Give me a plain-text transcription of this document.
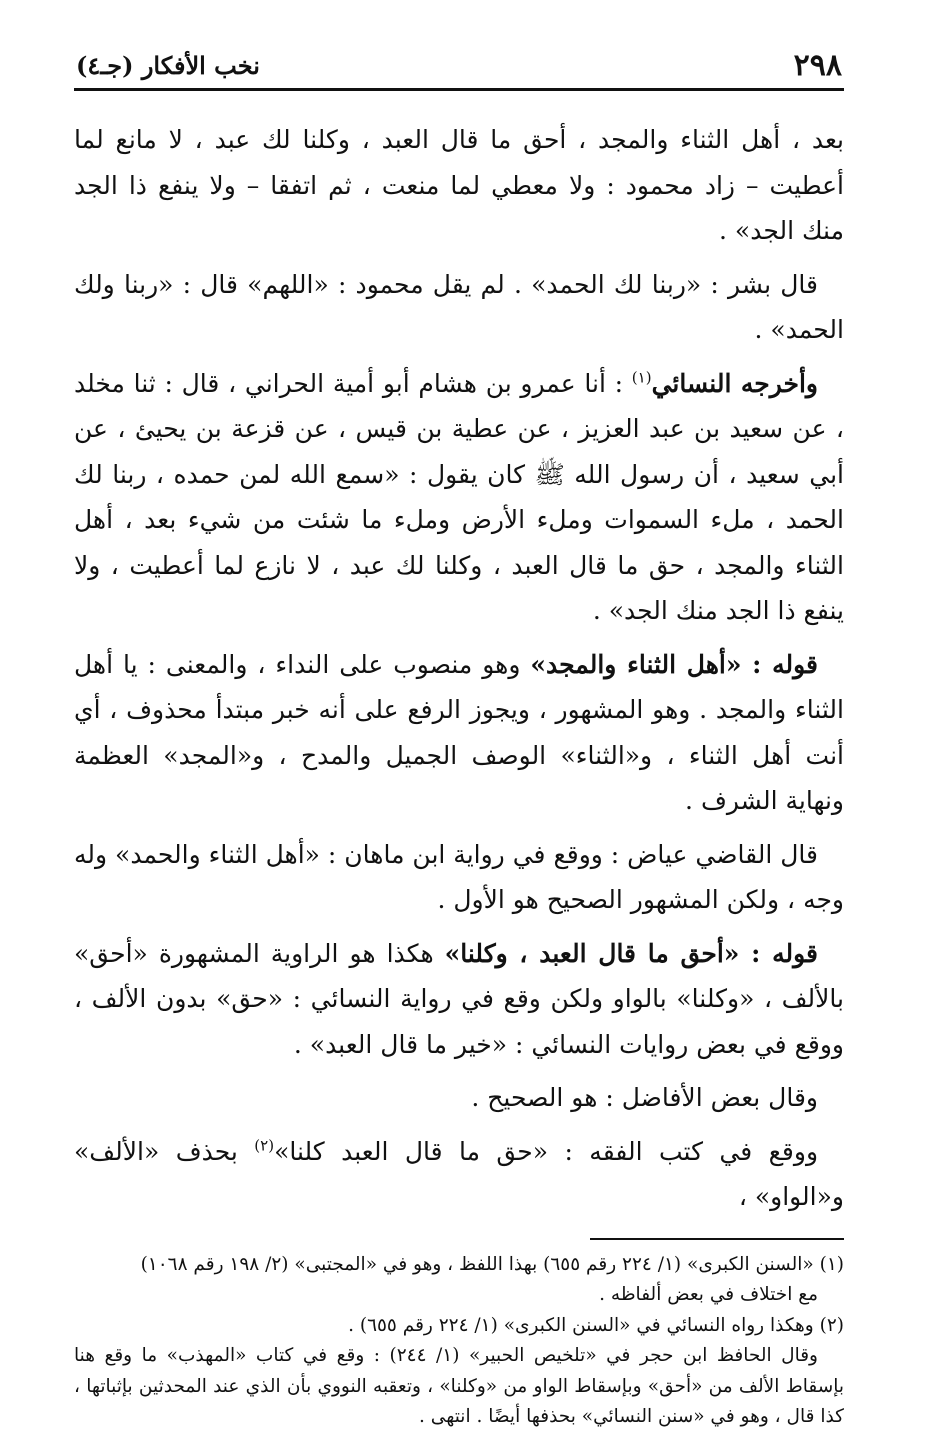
٢٩٨
نخب الأفكار (جـ٤)

بعد ، أهل الثناء والمجد ، أحق ما قال العبد ، وكلنا لك عبد ، لا مانع لما أعطيت – زاد محمود : ولا معطي لما منعت ، ثم اتفقا – ولا ينفع ذا الجد منك الجد» .

قال بشر : «ربنا لك الحمد» . لم يقل محمود : «اللهم» قال : «ربنا ولك الحمد» .

وأخرجه النسائي$^{(١)}$ : أنا عمرو بن هشام أبو أمية الحراني ، قال : ثنا مخلد ، عن سعيد بن عبد العزيز ، عن عطية بن قيس ، عن قزعة بن يحيئ ، عن أبي سعيد ، أن رسول الله ﷺ كان يقول : «سمع الله لمن حمده ، ربنا لك الحمد ، ملء السموات وملء الأرض وملء ما شئت من شيء بعد ، أهل الثناء والمجد ، حق ما قال العبد ، وكلنا لك عبد ، لا نازع لما أعطيت ، ولا ينفع ذا الجد منك الجد» .

قوله : «أهل الثناء والمجد» وهو منصوب على النداء ، والمعنى : يا أهل الثناء والمجد . وهو المشهور ، ويجوز الرفع على أنه خبر مبتدأ محذوف ، أي أنت أهل الثناء ، و«الثناء» الوصف الجميل والمدح ، و«المجد» العظمة ونهاية الشرف .

قال القاضي عياض : ووقع في رواية ابن ماهان : «أهل الثناء والحمد» وله وجه ، ولكن المشهور الصحيح هو الأول .

قوله : «أحق ما قال العبد ، وكلنا» هكذا هو الراوية المشهورة «أحق» بالألف ، «وكلنا» بالواو ولكن وقع في رواية النسائي : «حق» بدون الألف ، ووقع في بعض روايات النسائي : «خير ما قال العبد» .

وقال بعض الأفاضل : هو الصحيح .

ووقع في كتب الفقه : «حق ما قال العبد كلنا»$^{(٢)}$ بحذف «الألف» و«الواو» ،

(١) «السنن الكبرى» (١/ ٢٢٤ رقم ٦٥٥) بهذا اللفظ ، وهو في «المجتبى» (٢/ ١٩٨ رقم ١٠٦٨)

مع اختلاف في بعض ألفاظه .

(٢) وهكذا رواه النسائي في «السنن الكبرى» (١/ ٢٢٤ رقم ٦٥٥) .

وقال الحافظ ابن حجر في «تلخيص الحبير» (١/ ٢٤٤) : وقع في كتاب «المهذب» ما وقع هنا بإسقاط الألف من «أحق» وبإسقاط الواو من «وكلنا» ، وتعقبه النووي بأن الذي عند المحدثين بإثباتها ، كذا قال ، وهو في «سنن النسائي» بحذفها أيضًا . انتهى .
